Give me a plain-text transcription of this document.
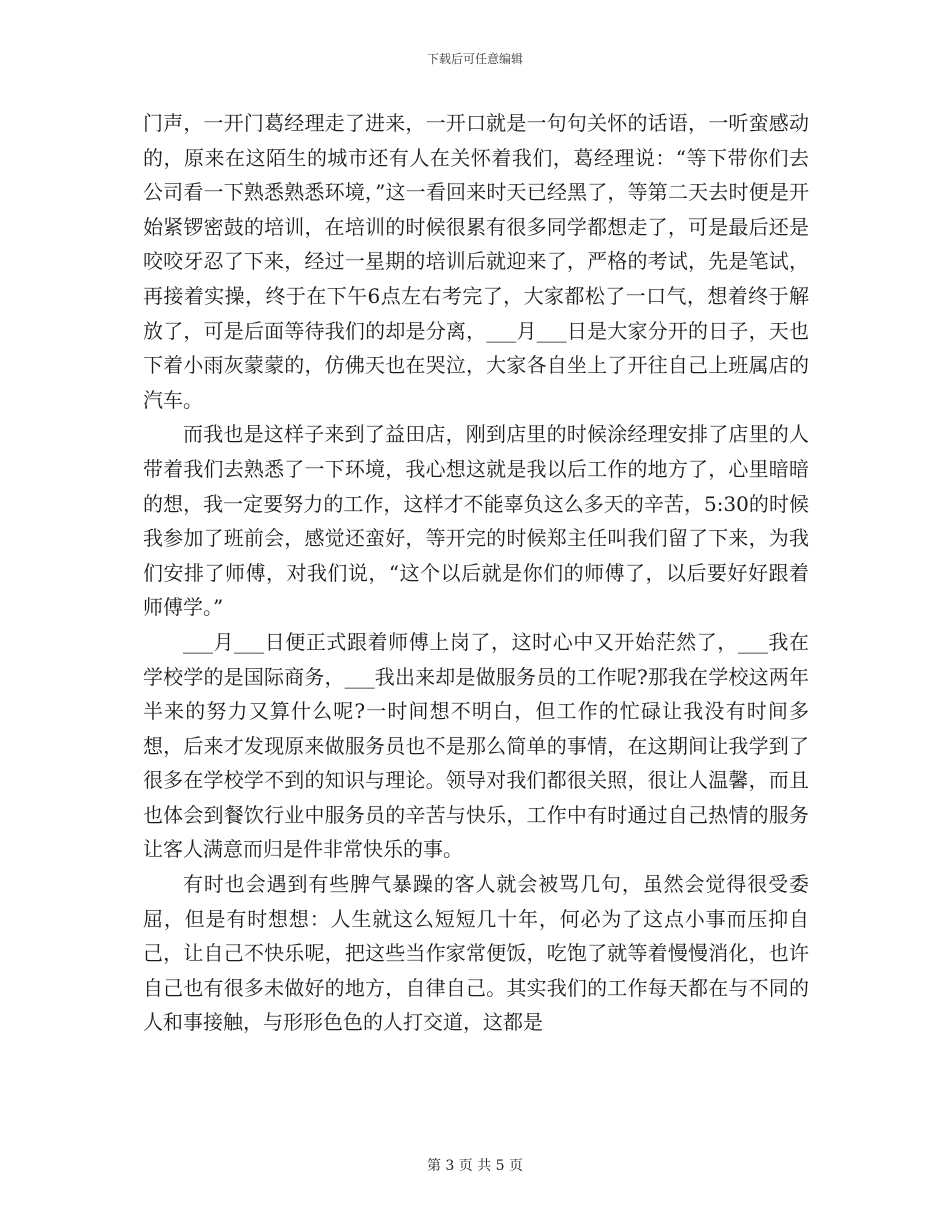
下载后可任意编辑

门声，一开门葛经理走了进来，一开口就是一句句关怀的话语，一听蛮感动的，原来在这陌生的城市还有人在关怀着我们，葛经理说：“等下带你们去公司看一下熟悉熟悉环境，”这一看回来时天已经黑了，等第二天去时便是开始紧锣密鼓的培训，在培训的时候很累有很多同学都想走了，可是最后还是咬咬牙忍了下来，经过一星期的培训后就迎来了，严格的考试，先是笔试，再接着实操，终于在下午6点左右考完了，大家都松了一口气，想着终于解放了，可是后面等待我们的却是分离，___月___日是大家分开的日子，天也下着小雨灰蒙蒙的，仿佛天也在哭泣，大家各自坐上了开往自己上班属店的汽车。

而我也是这样子来到了益田店，刚到店里的时候涂经理安排了店里的人带着我们去熟悉了一下环境，我心想这就是我以后工作的地方了，心里暗暗的想，我一定要努力的工作，这样才不能辜负这么多天的辛苦，5:30的时候我参加了班前会，感觉还蛮好，等开完的时候郑主任叫我们留了下来，为我们安排了师傅，对我们说，“这个以后就是你们的师傅了，以后要好好跟着师傅学。”

___月___日便正式跟着师傅上岗了，这时心中又开始茫然了，___我在学校学的是国际商务，___我出来却是做服务员的工作呢?那我在学校这两年半来的努力又算什么呢?一时间想不明白，但工作的忙碌让我没有时间多想，后来才发现原来做服务员也不是那么简单的事情，在这期间让我学到了很多在学校学不到的知识与理论。领导对我们都很关照，很让人温馨，而且也体会到餐饮行业中服务员的辛苦与快乐，工作中有时通过自己热情的服务让客人满意而归是件非常快乐的事。

有时也会遇到有些脾气暴躁的客人就会被骂几句，虽然会觉得很受委屈，但是有时想想：人生就这么短短几十年，何必为了这点小事而压抑自己，让自己不快乐呢，把这些当作家常便饭，吃饱了就等着慢慢消化，也许自己也有很多未做好的地方，自律自己。其实我们的工作每天都在与不同的人和事接触，与形形色色的人打交道，这都是

第 3 页 共 5 页
